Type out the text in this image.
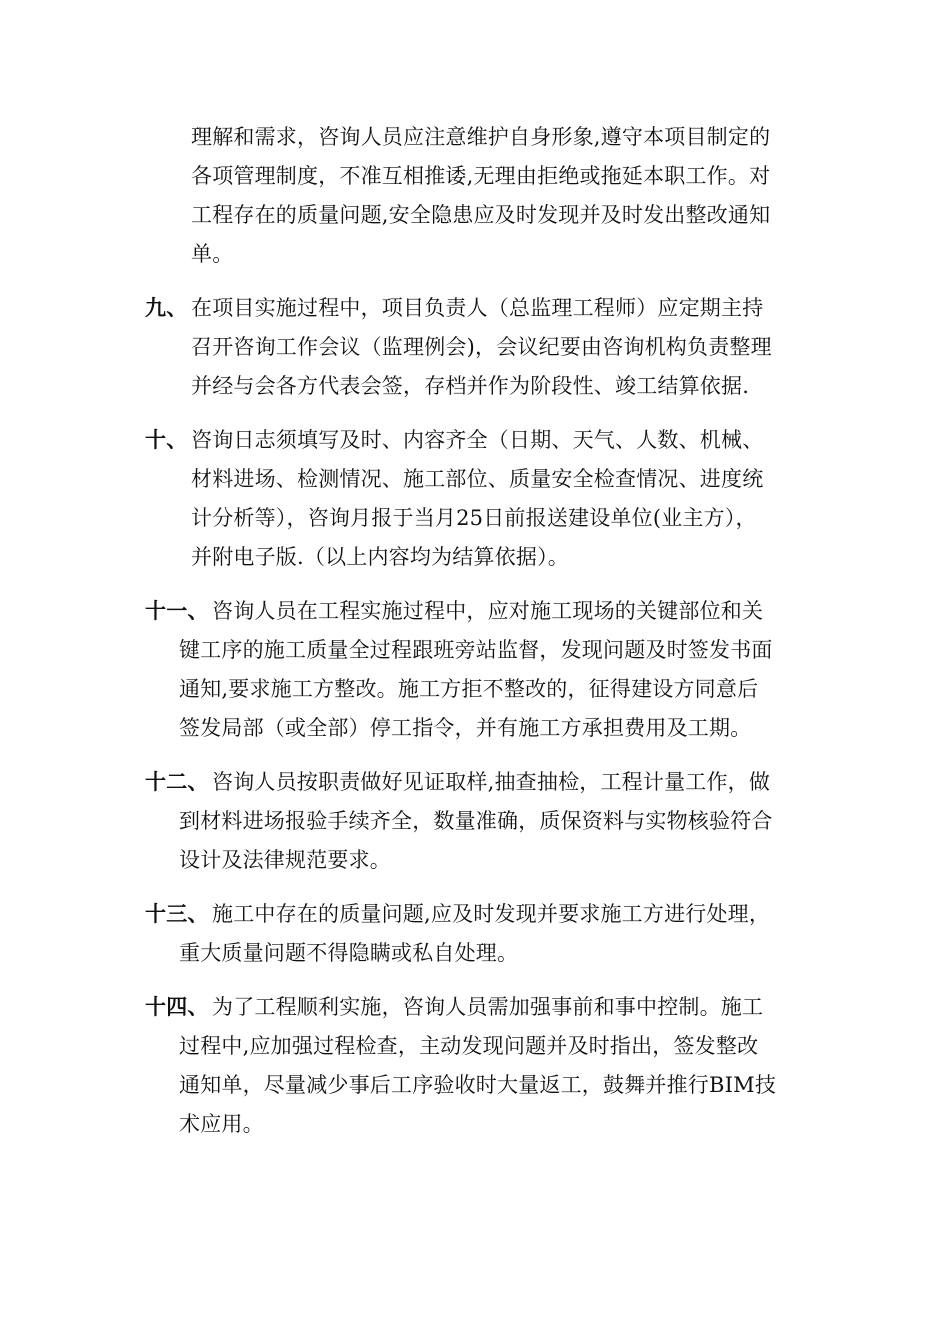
理解和需求，咨询人员应注意维护自身形象,遵守本项目制定的
各项管理制度，不准互相推诿,无理由拒绝或拖延本职工作。对
工程存在的质量问题,安全隐患应及时发现并及时发出整改通知
单。
九、 在项目实施过程中，项目负责人（总监理工程师）应定期主持
召开咨询工作会议（监理例会)，会议纪要由咨询机构负责整理
并经与会各方代表会签，存档并作为阶段性、竣工结算依据.
十、 咨询日志须填写及时、内容齐全（日期、天气、人数、机械、
材料进场、检测情况、施工部位、质量安全检查情况、进度统
计分析等），咨询月报于当月25日前报送建设单位(业主方），
并附电子版.（以上内容均为结算依据）。
十一、 咨询人员在工程实施过程中，应对施工现场的关键部位和关
键工序的施工质量全过程跟班旁站监督，发现问题及时签发书面
通知,要求施工方整改。施工方拒不整改的，征得建设方同意后
签发局部（或全部）停工指令，并有施工方承担费用及工期。
十二、 咨询人员按职责做好见证取样,抽查抽检，工程计量工作，做
到材料进场报验手续齐全，数量准确，质保资料与实物核验符合
设计及法律规范要求。
十三、 施工中存在的质量问题,应及时发现并要求施工方进行处理，
重大质量问题不得隐瞒或私自处理。
十四、 为了工程顺利实施，咨询人员需加强事前和事中控制。施工
过程中,应加强过程检查，主动发现问题并及时指出，签发整改
通知单，尽量减少事后工序验收时大量返工，鼓舞并推行BIM技
术应用。
